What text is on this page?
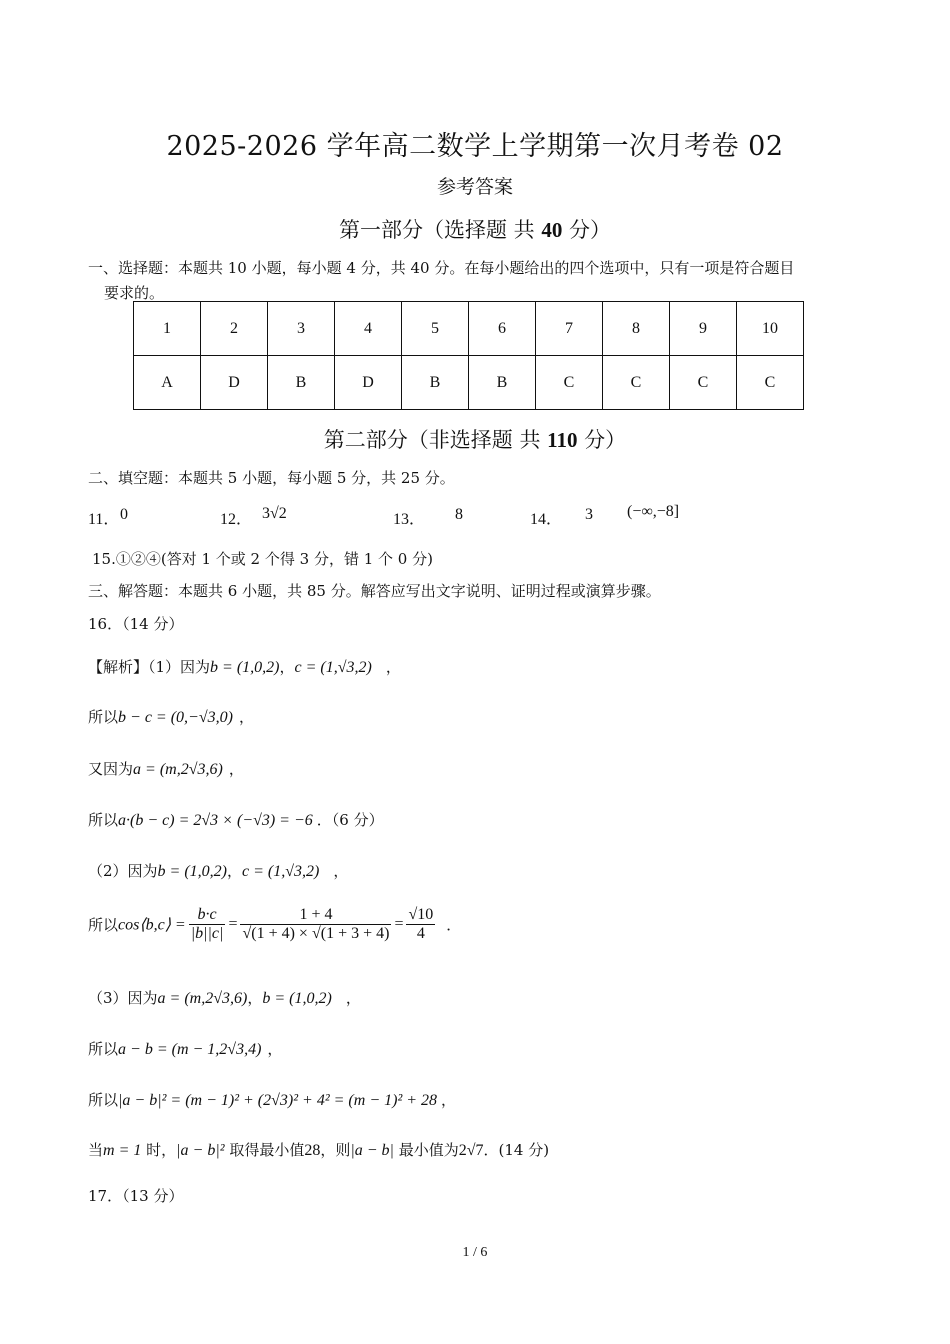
2025-2026 学年高二数学上学期第一次月考卷 02
参考答案
第一部分（选择题 共 40 分）
一、选择题：本题共 10 小题，每小题 4 分，共 40 分。在每小题给出的四个选项中，只有一项是符合题目
要求的。
1	2	3	4	5	6	7	8	9	10
A	D	B	D	B	B	C	C	C	C
第二部分（非选择题 共 110 分）
二、填空题：本题共 5 小题，每小题 5 分，共 25 分。
11． 0	12． 3√2	13． 8	14． 3 (−∞,−8]
15.①②④(答对 1 个或 2 个得 3 分，错 1 个 0 分)
三、解答题：本题共 6 小题，共 85 分。解答应写出文字说明、证明过程或演算步骤。
16．（14 分）
【解析】（1）因为b = (1,0,2)，c = (1,√3,2) ，
所以b − c = (0,−√3,0) ，
又因为a = (m,2√3,6) ，
所以a·(b − c) = 2√3 × (−√3) = −6 ．（6 分）
（2）因为b = (1,0,2)，c = (1,√3,2) ，
所以cos⟨b,c⟩ = $\frac{b\cdot c}{|b||c|} = \frac{1 + 4}{√(1 + 4) \times √(1 + 3 + 4)} = \frac{√10}{4}$ ．
（3）因为a = (m,2√3,6)，b = (1,0,2) ，
所以a − b = (m − 1,2√3,4) ，
所以|a − b|² = (m − 1)² + (2√3)² + 4² = (m − 1)² + 28 ，
当m = 1 时，|a − b|² 取得最小值28，则|a − b| 最小值为2√7．(14 分)
17．（13 分）
1 / 6
